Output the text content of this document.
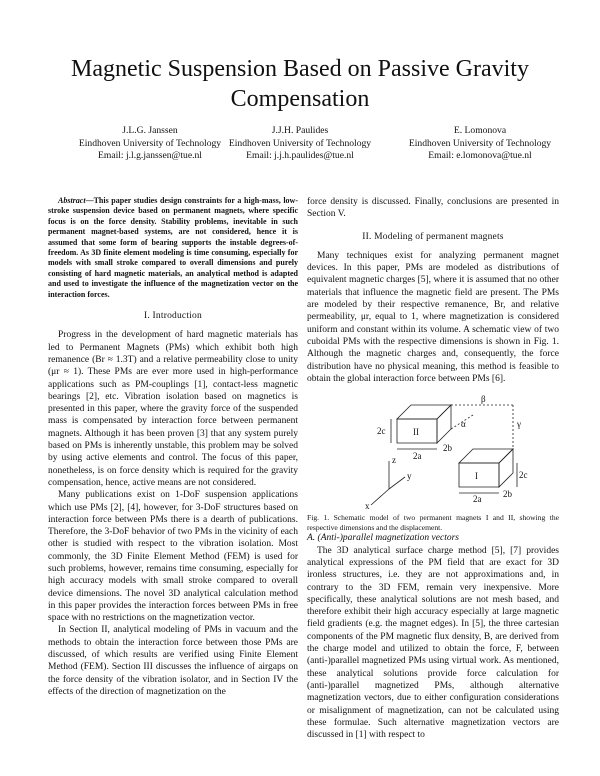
Magnetic Suspension Based on Passive Gravity Compensation
J.L.G. Janssen
Eindhoven University of Technology
Email: j.l.g.janssen@tue.nl
J.J.H. Paulides
Eindhoven University of Technology
Email: j.j.h.paulides@tue.nl
E. Lomonova
Eindhoven University of Technology
Email: e.lomonova@tue.nl

Abstract—This paper studies design constraints for a high-mass, low-stroke suspension device based on permanent magnets, where specific focus is on the force density. Stability problems, inevitable in such permanent magnet-based systems, are not considered, hence it is assumed that some form of bearing supports the instable degrees-of-freedom. As 3D finite element modeling is time consuming, especially for models with small stroke compared to overall dimensions and purely consisting of hard magnetic materials, an analytical method is adapted and used to investigate the influence of the magnetization vector on the interaction forces.

I. Introduction

Progress in the development of hard magnetic materials has led to Permanent Magnets (PMs) which exhibit both high remanence (Br ≈ 1.3T) and a relative permeability close to unity (μr ≈ 1). These PMs are ever more used in high-performance applications such as PM-couplings [1], contact-less magnetic bearings [2], etc. Vibration isolation based on magnetics is presented in this paper, where the gravity force of the suspended mass is compensated by interaction force between permanent magnets. Although it has been proven [3] that any system purely based on PMs is inherently unstable, this problem may be solved by using active elements and control. The focus of this paper, nonetheless, is on force density which is required for the gravity compensation, hence, active means are not considered.

Many publications exist on 1-DoF suspension applications which use PMs [2], [4], however, for 3-DoF structures based on interaction force between PMs there is a dearth of publications. Therefore, the 3-DoF behavior of two PMs in the vicinity of each other is studied with respect to the vibration isolation. Most commonly, the 3D Finite Element Method (FEM) is used for such problems, however, remains time consuming, especially for high accuracy models with small stroke compared to overall device dimensions. The novel 3D analytical calculation method in this paper provides the interaction forces between PMs in free space with no restrictions on the magnetization vector.

In Section II, analytical modeling of PMs in vacuum and the methods to obtain the interaction force between those PMs are discussed, of which results are verified using Finite Element Method (FEM). Section III discusses the influence of airgaps on the force density of the vibration isolator, and in Section IV the effects of the direction of magnetization on the

force density is discussed. Finally, conclusions are presented in Section V.

II. Modeling of permanent magnets

Many techniques exist for analyzing permanent magnet devices. In this paper, PMs are modeled as distributions of equivalent magnetic charges [5], where it is assumed that no other materials that influence the magnetic field are present. The PMs are modeled by their respective remanence, Br, and relative permeability, μr, equal to 1, where magnetization is considered uniform and constant within its volume. A schematic view of two cuboidal PMs with the respective dimensions is shown in Fig. 1. Although the magnetic charges and, consequently, the force distribution have no physical meaning, this method is feasible to obtain the global interaction force between PMs [6].

II
I
2c
2a
2b
2c
2a 2b
x
y
z
α
β
γ

Fig. 1. Schematic model of two permanent magnets I and II, showing the respective dimensions and the displacement.

A. (Anti-)parallel magnetization vectors

The 3D analytical surface charge method [5], [7] provides analytical expressions of the PM field that are exact for 3D ironless structures, i.e. they are not approximations and, in contrary to the 3D FEM, remain very inexpensive. More specifically, these analytical solutions are not mesh based, and therefore exhibit their high accuracy especially at large magnetic field gradients (e.g. the magnet edges). In [5], the three cartesian components of the PM magnetic flux density, B, are derived from the charge model and utilized to obtain the force, F, between (anti-)parallel magnetized PMs using virtual work. As mentioned, these analytical solutions provide force calculation for (anti-)parallel magnetized PMs, although alternative magnetization vectors, due to either configuration considerations or misalignment of magnetization, can not be calculated using these formulae. Such alternative magnetization vectors are discussed in [1] with respect to
